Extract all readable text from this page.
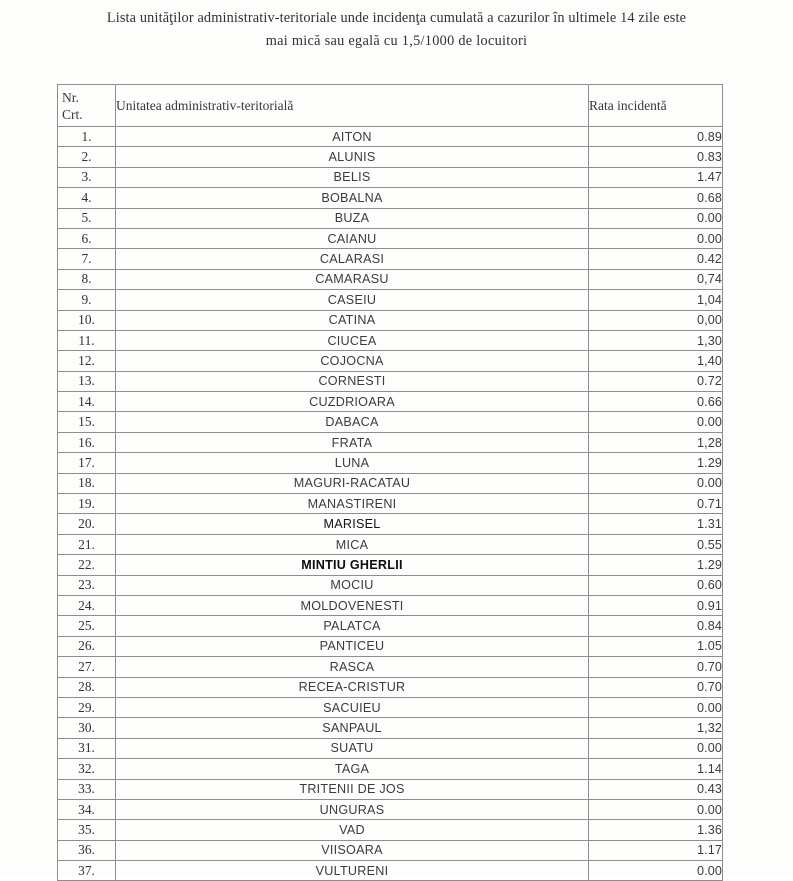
Lista unităţilor administrativ-teritoriale unde incidenţa cumulată a cazurilor în ultimele 14 zile este
mai mică sau egală cu 1,5/1000 de locuitori
Nr.
Crt.	Unitatea administrativ-teritorială	Rata incidentă
1.	AITON	0.89
2.	ALUNIS	0.83
3.	BELIS	1.47
4.	BOBALNA	0.68
5.	BUZA	0.00
6.	CAIANU	0.00
7.	CALARASI	0.42
8.	CAMARASU	0,74
9.	CASEIU	1,04
10.	CATINA	0,00
11.	CIUCEA	1,30
12.	COJOCNA	1,40
13.	CORNESTI	0.72
14.	CUZDRIOARA	0.66
15.	DABACA	0.00
16.	FRATA	1,28
17.	LUNA	1.29
18.	MAGURI-RACATAU	0.00
19.	MANASTIRENI	0.71
20.	MARISEL	1.31
21.	MICA	0.55
22.	MINTIU GHERLII	1.29
23.	MOCIU	0.60
24.	MOLDOVENESTI	0.91
25.	PALATCA	0.84
26.	PANTICEU	1.05
27.	RASCA	0.70
28.	RECEA-CRISTUR	0.70
29.	SACUIEU	0.00
30.	SANPAUL	1,32
31.	SUATU	0.00
32.	TAGA	1.14
33.	TRITENII DE JOS	0.43
34.	UNGURAS	0.00
35.	VAD	1.36
36.	VIISOARA	1.17
37.	VULTURENI	0.00
